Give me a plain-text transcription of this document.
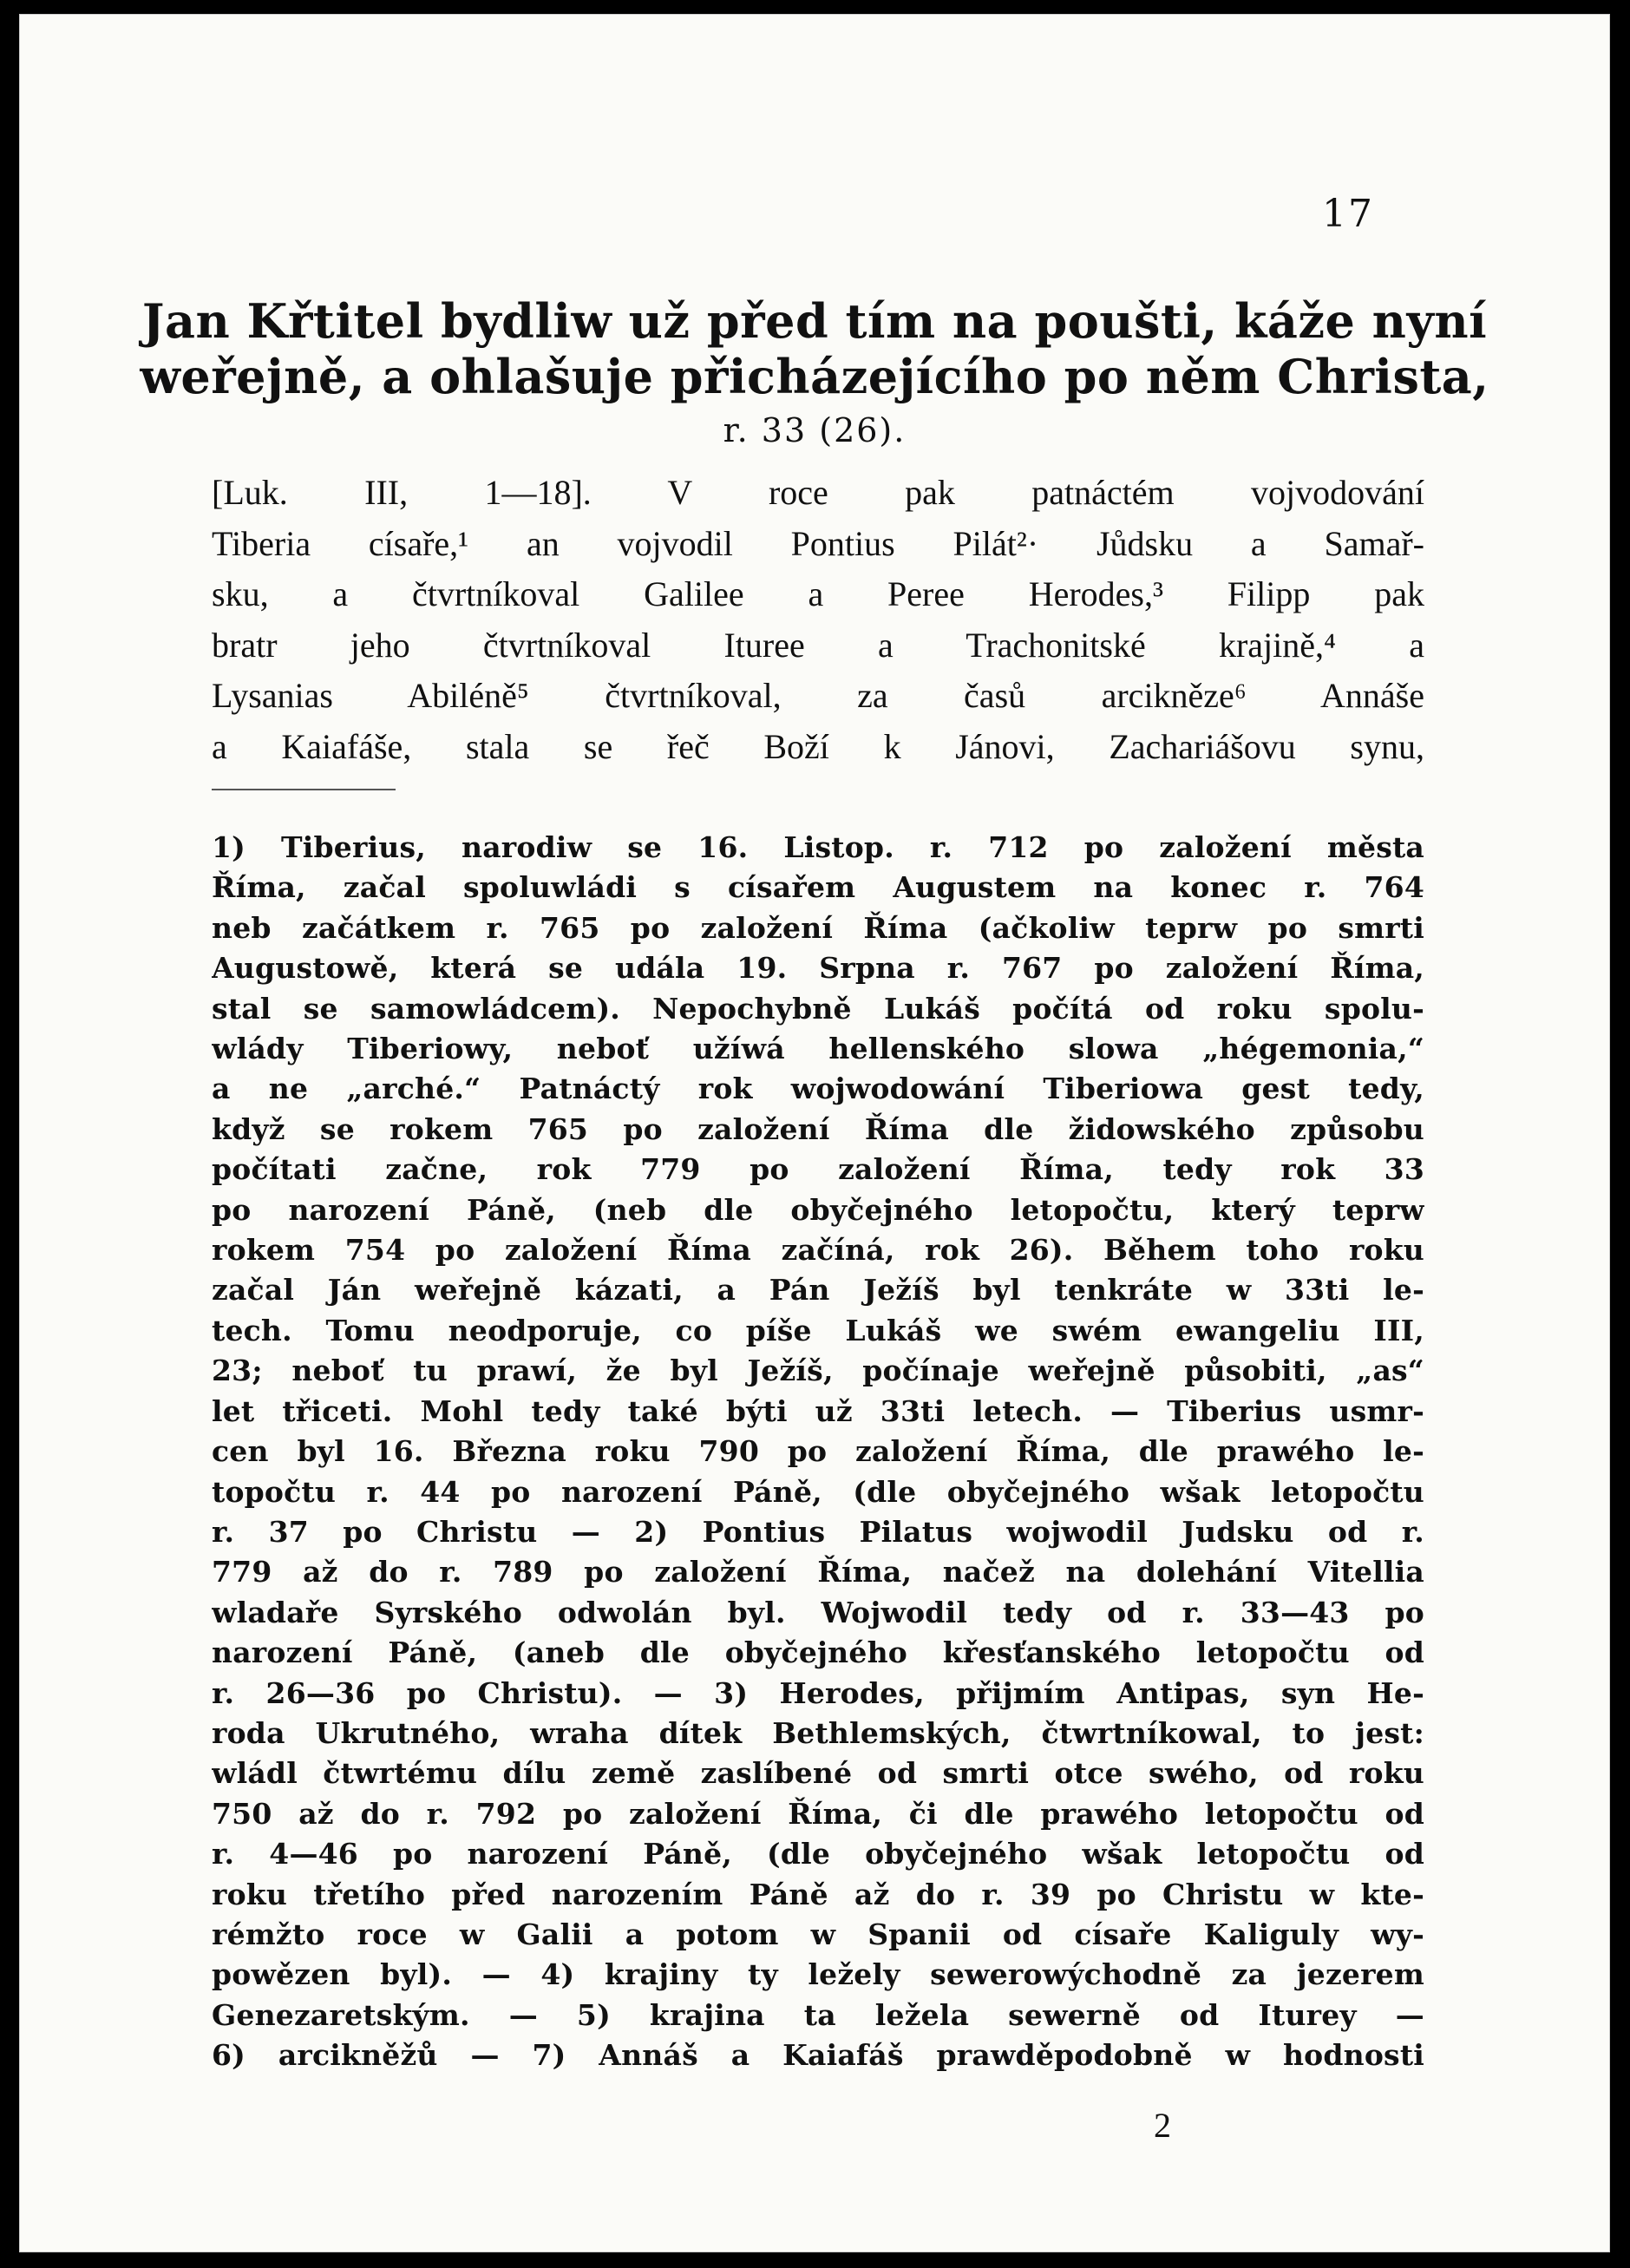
17
Jan Křtitel bydliw už před tím na poušti, káže nyní
weřejně, a ohlašuje přicházejícího po něm Christa,
r. 33 (26).
[Luk. III, 1—18]. V roce pak patnáctém vojvodování
Tiberia císaře,¹ an vojvodil Pontius Pilát²· Jůdsku a Samař-
sku, a čtvrtníkoval Galilee a Peree Herodes,³ Filipp pak
bratr jeho čtvrtníkoval Ituree a Trachonitské krajině,⁴ a
Lysanias Abiléně⁵ čtvrtníkoval, za časů arcikněze⁶ Annáše
a Kaiafáše, stala se řeč Boží k Jánovi, Zachariášovu synu,
1) Tiberius, narodiw se 16. Listop. r. 712 po založení města
Říma, začal spoluwládi s císařem Augustem na konec r. 764
neb začátkem r. 765 po založení Říma (ačkoliw teprw po smrti
Augustowě, která se udála 19. Srpna r. 767 po založení Říma,
stal se samowládcem). Nepochybně Lukáš počítá od roku spolu-
wlády Tiberiowy, neboť užíwá hellenského slowa „hégemonia,“
a ne „arché.“ Patnáctý rok wojwodowání Tiberiowa gest tedy,
když se rokem 765 po založení Říma dle židowského způsobu
počítati začne, rok 779 po založení Říma, tedy rok 33
po narození Páně, (neb dle obyčejného letopočtu, který teprw
rokem 754 po založení Říma začíná, rok 26). Během toho roku
začal Ján weřejně kázati, a Pán Ježíš byl tenkráte w 33ti le-
tech. Tomu neodporuje, co píše Lukáš we swém ewangeliu III,
23; neboť tu prawí, že byl Ježíš, počínaje weřejně působiti, „as“
let třiceti. Mohl tedy také býti už 33ti letech. — Tiberius usmr-
cen byl 16. Března roku 790 po založení Říma, dle prawého le-
topočtu r. 44 po narození Páně, (dle obyčejného wšak letopočtu
r. 37 po Christu — 2) Pontius Pilatus wojwodil Judsku od r.
779 až do r. 789 po založení Říma, načež na dolehání Vitellia
wladaře Syrského odwolán byl. Wojwodil tedy od r. 33—43 po
narození Páně, (aneb dle obyčejného křesťanského letopočtu od
r. 26—36 po Christu). — 3) Herodes, přijmím Antipas, syn He-
roda Ukrutného, wraha dítek Bethlemských, čtwrtníkowal, to jest:
wládl čtwrtému dílu země zaslíbené od smrti otce swého, od roku
750 až do r. 792 po založení Říma, či dle prawého letopočtu od
r. 4—46 po narození Páně, (dle obyčejného wšak letopočtu od
roku třetího před narozením Páně až do r. 39 po Christu w kte-
rémžto roce w Galii a potom w Spanii od císaře Kaliguly wy-
powězen byl). — 4) krajiny ty ležely sewerowýchodně za jezerem
Genezaretským. — 5) krajina ta ležela sewerně od Iturey —
6) arcikněžů — 7) Annáš a Kaiafáš prawděpodobně w hodnosti
2
